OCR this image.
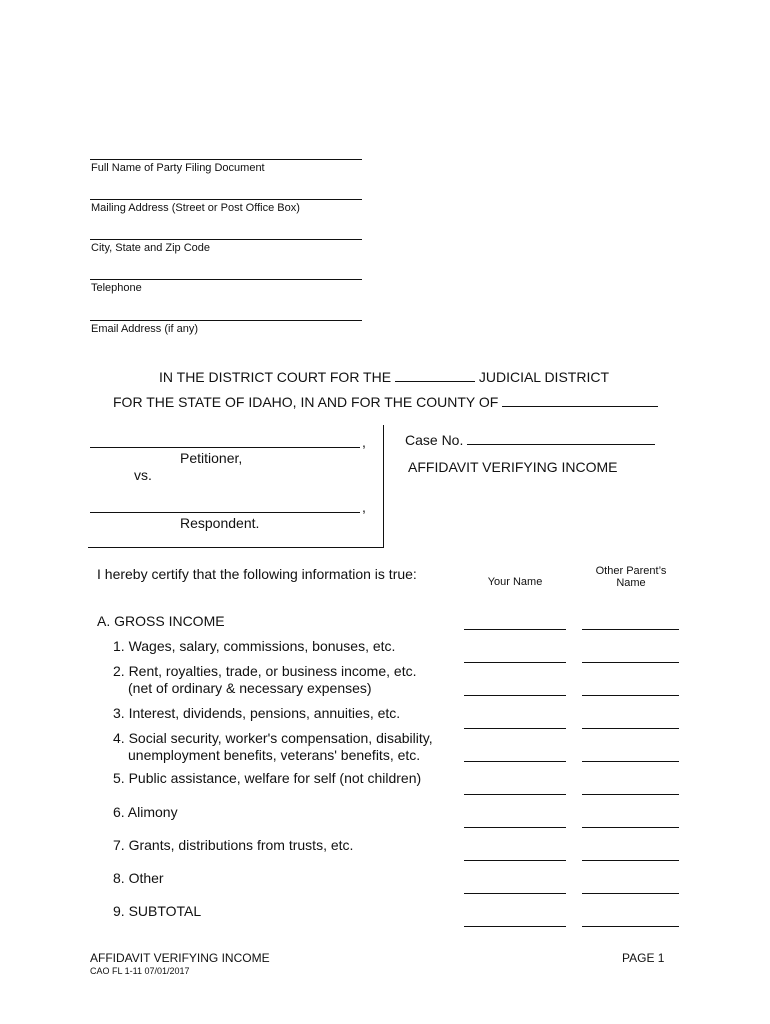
Full Name of Party Filing Document
Mailing Address (Street or Post Office Box)
City, State and Zip Code
Telephone
Email Address (if any)
IN THE DISTRICT COURT FOR THE	JUDICIAL DISTRICT
FOR THE STATE OF IDAHO, IN AND FOR THE COUNTY OF
,
Petitioner,
vs.
,
Respondent.
Case No.
AFFIDAVIT VERIFYING INCOME
I hereby certify that the following information is true:	Your Name
Other Parent’s
Name
A. GROSS INCOME
1. Wages, salary, commissions, bonuses, etc.
2. Rent, royalties, trade, or business income, etc.
(net of ordinary & necessary expenses)
3. Interest, dividends, pensions, annuities, etc.
4. Social security, worker's compensation, disability,
unemployment benefits, veterans' benefits, etc.
5. Public assistance, welfare for self (not children)
6. Alimony
7. Grants, distributions from trusts, etc.
8. Other
9. SUBTOTAL
AFFIDAVIT VERIFYING INCOME
CAO FL 1-11 07/01/2017
PAGE 1
